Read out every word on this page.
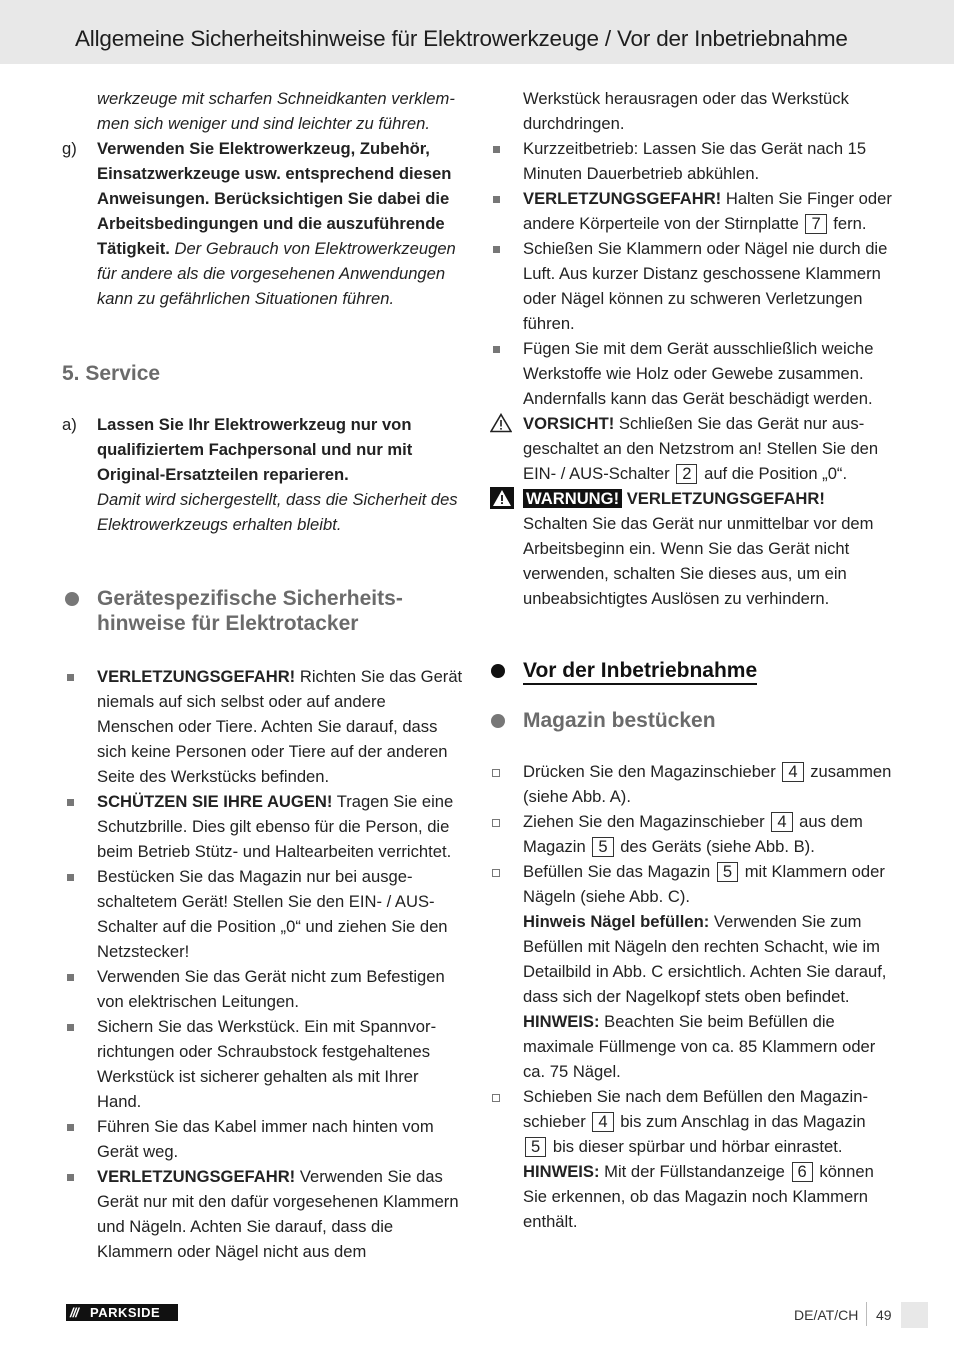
Allgemeine Sicherheitshinweise für Elektrowerkzeuge / Vor der Inbetriebnahme

werkzeuge mit scharfen Schneidkanten verklem-
men sich weniger und sind leichter zu führen.

g)	Verwenden Sie Elektrowerkzeug, Zubehör, Einsatzwerkzeuge usw. entsprechend diesen Anweisungen. Berücksichtigen Sie dabei die Arbeitsbedingungen und die auszuführende Tätigkeit. Der Gebrauch von Elektrowerkzeugen für andere als die vorgesehenen Anwendungen kann zu gefährlichen Situationen führen.

5. Service

a)	Lassen Sie Ihr Elektrowerkzeug nur von qualifiziertem Fachpersonal und nur mit Original-Ersatzteilen reparieren.
Damit wird sichergestellt, dass die Sicherheit des Elektrowerkzeugs erhalten bleibt.

Gerätespezifische Sicherheitshinweise für Elektrotacker

VERLETZUNGSGEFAHR! Richten Sie das Gerät niemals auf sich selbst oder auf andere Menschen oder Tiere. Achten Sie darauf, dass sich keine Personen oder Tiere auf der anderen Seite des Werkstücks befinden.

SCHÜTZEN SIE IHRE AUGEN! Tragen Sie eine Schutzbrille. Dies gilt ebenso für die Person, die beim Betrieb Stütz- und Haltearbeiten verrichtet.

Bestücken Sie das Magazin nur bei ausgeschaltetem Gerät! Stellen Sie den EIN- / AUS-Schalter auf die Position „0“ und ziehen Sie den Netzstecker!

Verwenden Sie das Gerät nicht zum Befestigen von elektrischen Leitungen.

Sichern Sie das Werkstück. Ein mit Spannvorrichtungen oder Schraubstock festgehaltenes Werkstück ist sicherer gehalten als mit Ihrer Hand.

Führen Sie das Kabel immer nach hinten vom Gerät weg.

VERLETZUNGSGEFAHR! Verwenden Sie das Gerät nur mit den dafür vorgesehenen Klammern und Nägeln. Achten Sie darauf, dass die Klammern oder Nägel nicht aus dem

Werkstück herausragen oder das Werkstück durchdringen.

Kurzzeitbetrieb: Lassen Sie das Gerät nach 15 Minuten Dauerbetrieb abkühlen.

VERLETZUNGSGEFAHR! Halten Sie Finger oder andere Körperteile von der Stirnplatte 7 fern.

Schießen Sie Klammern oder Nägel nie durch die Luft. Aus kurzer Distanz geschossene Klammern oder Nägel können zu schweren Verletzungen führen.

Fügen Sie mit dem Gerät ausschließlich weiche Werkstoffe wie Holz oder Gewebe zusammen. Andernfalls kann das Gerät beschädigt werden.

VORSICHT! Schließen Sie das Gerät nur ausgeschaltet an den Netzstrom an! Stellen Sie den EIN- / AUS-Schalter 2 auf die Position „0“.

WARNUNG! VERLETZUNGSGEFAHR!
Schalten Sie das Gerät nur unmittelbar vor dem Arbeitsbeginn ein. Wenn Sie das Gerät nicht verwenden, schalten Sie dieses aus, um ein unbeabsichtigtes Auslösen zu verhindern.

Vor der Inbetriebnahme

Magazin bestücken

Drücken Sie den Magazinschieber 4 zusammen (siehe Abb. A).

Ziehen Sie den Magazinschieber 4 aus dem Magazin 5 des Geräts (siehe Abb. B).

Befüllen Sie das Magazin 5 mit Klammern oder Nägeln (siehe Abb. C).
Hinweis Nägel befüllen: Verwenden Sie zum Befüllen mit Nägeln den rechten Schacht, wie im Detailbild in Abb. C ersichtlich. Achten Sie darauf, dass sich der Nagelkopf stets oben befindet.
HINWEIS: Beachten Sie beim Befüllen die maximale Füllmenge von ca. 85 Klammern oder ca. 75 Nägel.

Schieben Sie nach dem Befüllen den Magazinschieber 4 bis zum Anschlag in das Magazin 5 bis dieser spürbar und hörbar einrastet.
HINWEIS: Mit der Füllstandanzeige 6 können Sie erkennen, ob das Magazin noch Klammern enthält.

/// PARKSIDE	DE/AT/CH 49
